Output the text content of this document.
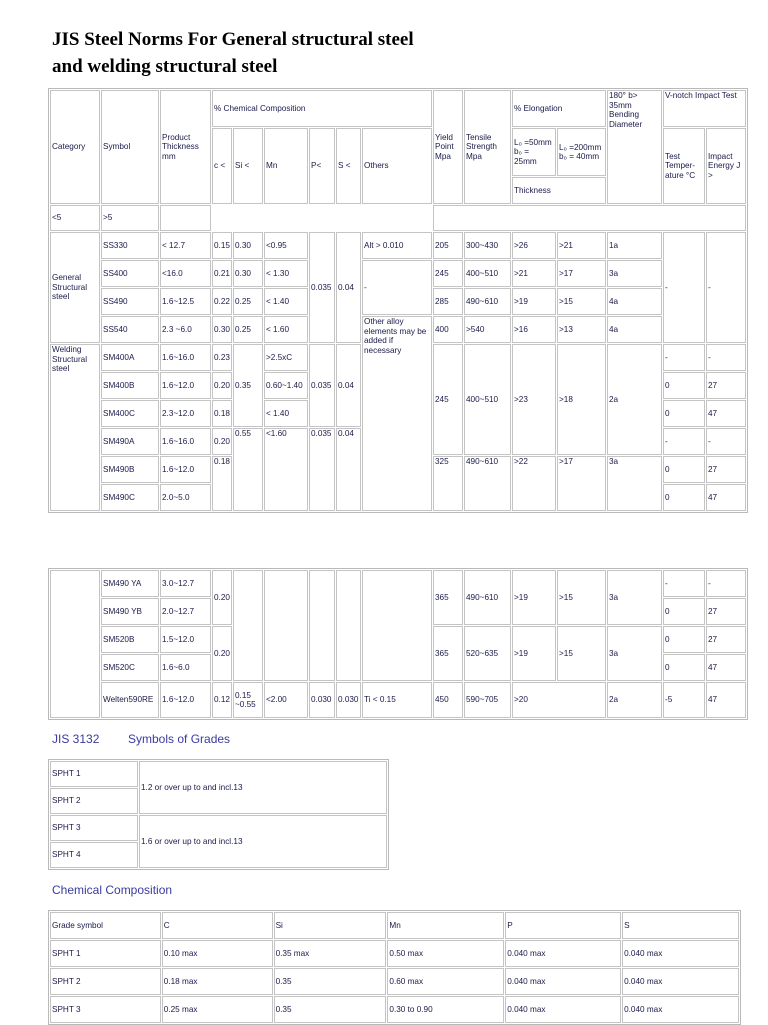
JIS Steel Norms For General structural steel
and welding structural steel
Category	Symbol	Product Thickness mm	% Chemical Composition						Yield Point Mpa	Tensile Strength Mpa	% Elongation		180° b> 35mm Bending Diameter	V-notch Impact Test	
			c <	Si <	Mn	P<	S <	Others			L₀ =50mm b₀ = 25mm	L₀ =200mm b₀ = 40mm		Test Temper-ature °C	Impact Energy J >
											Thickness				
<5	>5														
General Structural steel	SS330	< 12.7	0.15	0.30	<0.95	0.035	0.04	Alt > 0.010	205	300~430	>26	>21	1a	-	-
	SS400	<16.0	0.21	0.30	< 1.30			-	245	400~510	>21	>17	3a		
	SS490	1.6~12.5	0.22	0.25	< 1.40				285	490~610	>19	>15	4a		
	SS540	2.3 ~6.0	0.30	0.25	< 1.60			Other alloy elements may be added if necessary	400	>540	>16	>13	4a		
Welding Structural steel	SM400A	1.6~16.0	0.23	0.35	>2.5xC	0.035	0.04		245	400~510	>23	>18	2a	-	-
	SM400B	1.6~12.0	0.20		0.60~1.40									0	27
	SM400C	2.3~12.0	0.18		< 1.40									0	47
	SM490A	1.6~16.0	0.20	0.55	<1.60	0.035	0.04							-	-
	SM490B	1.6~12.0	0.18						325	490~610	>22	>17	3a	0	27
	SM490C	2.0~5.0												0	47
	SM490 YA	3.0~12.7	0.20						365	490~610	>19	>15	3a	-	-
	SM490 YB	2.0~12.7												0	27
	SM520B	1.5~12.0	0.20						365	520~635	>19	>15	3a	0	27
	SM520C	1.6~6.0												0	47
	Welten590RE	1.6~12.0	0.12	0.15 ~0.55	<2.00	0.030	0.030	Ti < 0.15	450	590~705	>20		2a	-5	47
JIS 3132 Symbols of Grades
SPHT 1	1.2 or over up to and incl.13
SPHT 2	
SPHT 3	1.6 or over up to and incl.13
SPHT 4	
Chemical Composition
Grade symbol	C	Si	Mn	P	S
SPHT 1	0.10 max	0.35 max	0.50 max	0.040 max	0.040 max
SPHT 2	0.18 max	0.35	0.60 max	0.040 max	0.040 max
SPHT 3	0.25 max	0.35	0.30 to 0.90	0.040 max	0.040 max
